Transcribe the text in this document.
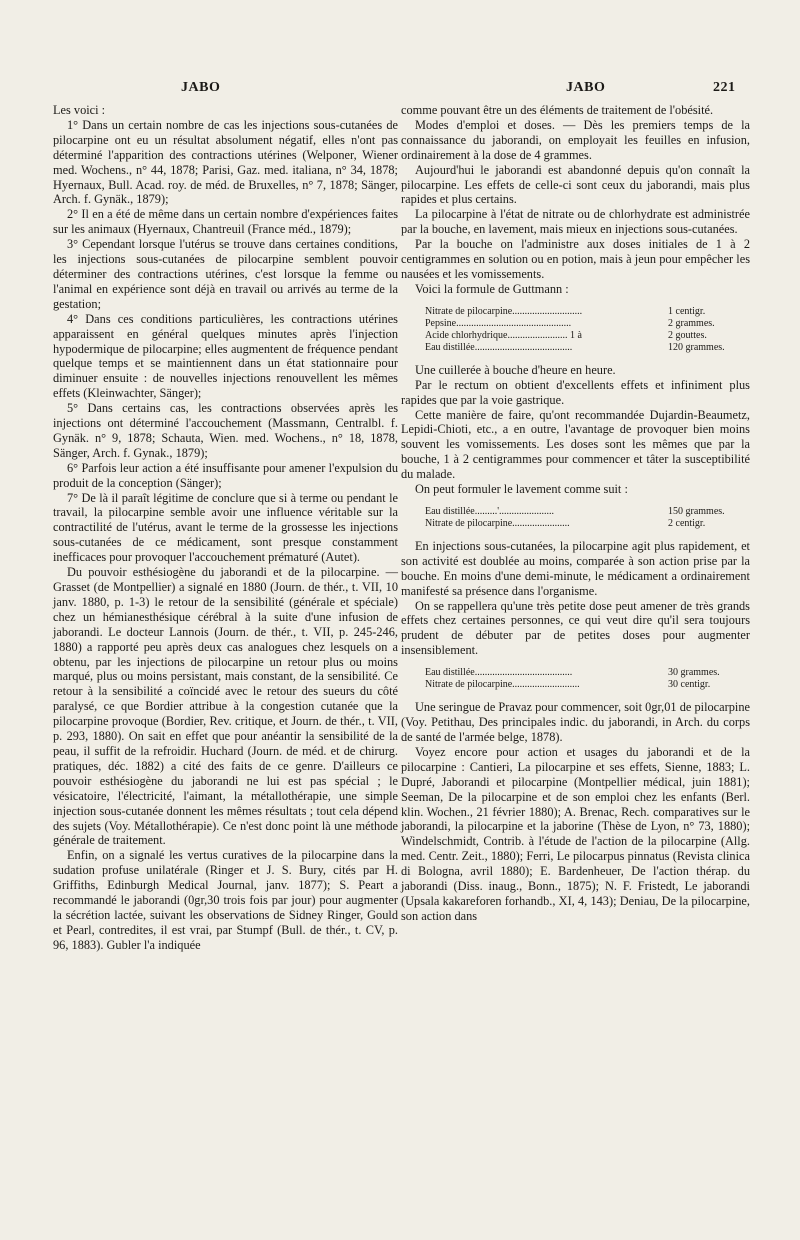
JABO	JABO	221

Les voici :

1° Dans un certain nombre de cas les injections sous-cutanées de pilocarpine ont eu un résultat absolument négatif, elles n'ont pas déterminé l'apparition des contractions utérines (Welponer, Wiener med. Wochens., n° 44, 1878; Parisi, Gaz. med. italiana, n° 34, 1878; Hyernaux, Bull. Acad. roy. de méd. de Bruxelles, n° 7, 1878; Sänger, Arch. f. Gynäk., 1879);

2° Il en a été de même dans un certain nombre d'expériences faites sur les animaux (Hyernaux, Chantreuil (France méd., 1879);

3° Cependant lorsque l'utérus se trouve dans certaines conditions, les injections sous-cutanées de pilocarpine semblent pouvoir déterminer des contractions utérines, c'est lorsque la femme ou l'animal en expérience sont déjà en travail ou arrivés au terme de la gestation;

4° Dans ces conditions particulières, les contractions utérines apparaissent en général quelques minutes après l'injection hypodermique de pilocarpine; elles augmentent de fréquence pendant quelque temps et se maintiennent dans un état stationnaire pour diminuer ensuite : de nouvelles injections renouvellent les mêmes effets (Kleinwachter, Sänger);

5° Dans certains cas, les contractions observées après les injections ont déterminé l'accouchement (Massmann, Centralbl. f. Gynäk. n° 9, 1878; Schauta, Wien. med. Wochens., n° 18, 1878, Sänger, Arch. f. Gynak., 1879);

6° Parfois leur action a été insuffisante pour amener l'expulsion du produit de la conception (Sänger);

7° De là il paraît légitime de conclure que si à terme ou pendant le travail, la pilocarpine semble avoir une influence véritable sur la contractilité de l'utérus, avant le terme de la grossesse les injections sous-cutanées de ce médicament, sont presque constamment inefficaces pour provoquer l'accouchement prématuré (Autet).

Du pouvoir esthésiogène du jaborandi et de la pilocarpine. — Grasset (de Montpellier) a signalé en 1880 (Journ. de thér., t. VII, 10 janv. 1880, p. 1-3) le retour de la sensibilité (générale et spéciale) chez un hémianesthésique cérébral à la suite d'une infusion de jaborandi. Le docteur Lannois (Journ. de thér., t. VII, p. 245-246, 1880) a rapporté peu après deux cas analogues chez lesquels on a obtenu, par les injections de pilocarpine un retour plus ou moins marqué, plus ou moins persistant, mais constant, de la sensibilité. Ce retour à la sensibilité a coïncidé avec le retour des sueurs du côté paralysé, ce que Bordier attribue à la congestion cutanée que la pilocarpine provoque (Bordier, Rev. critique, et Journ. de thér., t. VII, p. 293, 1880). On sait en effet que pour anéantir la sensibilité de la peau, il suffit de la refroidir. Huchard (Journ. de méd. et de chirurg. pratiques, déc. 1882) a cité des faits de ce genre. D'ailleurs ce pouvoir esthésiogène du jaborandi ne lui est pas spécial ; le vésicatoire, l'électricité, l'aimant, la métallothérapie, une simple injection sous-cutanée donnent les mêmes résultats ; tout cela dépend des sujets (Voy. Métallothérapie). Ce n'est donc point là une méthode générale de traitement.

Enfin, on a signalé les vertus curatives de la pilocarpine dans la sudation profuse unilatérale (Ringer et J. S. Bury, cités par H. Griffiths, Edinburgh Medical Journal, janv. 1877); S. Peart a recommandé le jaborandi (0gr,30 trois fois par jour) pour augmenter la sécrétion lactée, suivant les observations de Sidney Ringer, Gould et Pearl, contredites, il est vrai, par Stumpf (Bull. de thér., t. CV, p. 96, 1883). Gubler l'a indiquée

comme pouvant être un des éléments de traitement de l'obésité.

Modes d'emploi et doses. — Dès les premiers temps de la connaissance du jaborandi, on employait les feuilles en infusion, ordinairement à la dose de 4 grammes.

Aujourd'hui le jaborandi est abandonné depuis qu'on connaît la pilocarpine. Les effets de celle-ci sont ceux du jaborandi, mais plus rapides et plus certains.

La pilocarpine à l'état de nitrate ou de chlorhydrate est administrée par la bouche, en lavement, mais mieux en injections sous-cutanées.

Par la bouche on l'administre aux doses initiales de 1 à 2 centigrammes en solution ou en potion, mais à jeun pour empêcher les nausées et les vomissements.

Voici la formule de Guttmann :

Nitrate de pilocarpine............................	1 centigr.
Pepsine..............................................	2 grammes.
Acide chlorhydrique........................ 1 à	2 gouttes.
Eau distillée.......................................	120 grammes.

Une cuillerée à bouche d'heure en heure.

Par le rectum on obtient d'excellents effets et infiniment plus rapides que par la voie gastrique.

Cette manière de faire, qu'ont recommandée Dujardin-Beaumetz, Lepidi-Chioti, etc., a en outre, l'avantage de provoquer bien moins souvent les vomissements. Les doses sont les mêmes que par la bouche, 1 à 2 centigrammes pour commencer et tâter la susceptibilité du malade.

On peut formuler le lavement comme suit :

Eau distillée.........'......................	150 grammes.
Nitrate de pilocarpine.......................	2 centigr.

En injections sous-cutanées, la pilocarpine agit plus rapidement, et son activité est doublée au moins, comparée à son action prise par la bouche. En moins d'une demi-minute, le médicament a ordinairement manifesté sa présence dans l'organisme.

On se rappellera qu'une très petite dose peut amener de très grands effets chez certaines personnes, ce qui veut dire qu'il sera toujours prudent de débuter par de petites doses pour augmenter insensiblement.

Eau distillée.......................................	30 grammes.
Nitrate de pilocarpine...........................	30 centigr.

Une seringue de Pravaz pour commencer, soit 0gr,01 de pilocarpine (Voy. Petithau, Des principales indic. du jaborandi, in Arch. du corps de santé de l'armée belge, 1878).

Voyez encore pour action et usages du jaborandi et de la pilocarpine : Cantieri, La pilocarpine et ses effets, Sienne, 1883; L. Dupré, Jaborandi et pilocarpine (Montpellier médical, juin 1881); Seeman, De la pilocarpine et de son emploi chez les enfants (Berl. klin. Wochen., 21 février 1880); A. Brenac, Rech. comparatives sur le jaborandi, la pilocarpine et la jaborine (Thèse de Lyon, n° 73, 1880); Windelschmidt, Contrib. à l'étude de l'action de la pilocarpine (Allg. med. Centr. Zeit., 1880); Ferri, Le pilocarpus pinnatus (Revista clinica di Bologna, avril 1880); E. Bardenheuer, De l'action thérap. du jaborandi (Diss. inaug., Bonn., 1875); N. F. Fristedt, Le jaborandi (Upsala kakareforen forhandb., XI, 4, 143); Deniau, De la pilocarpine, son action dans
